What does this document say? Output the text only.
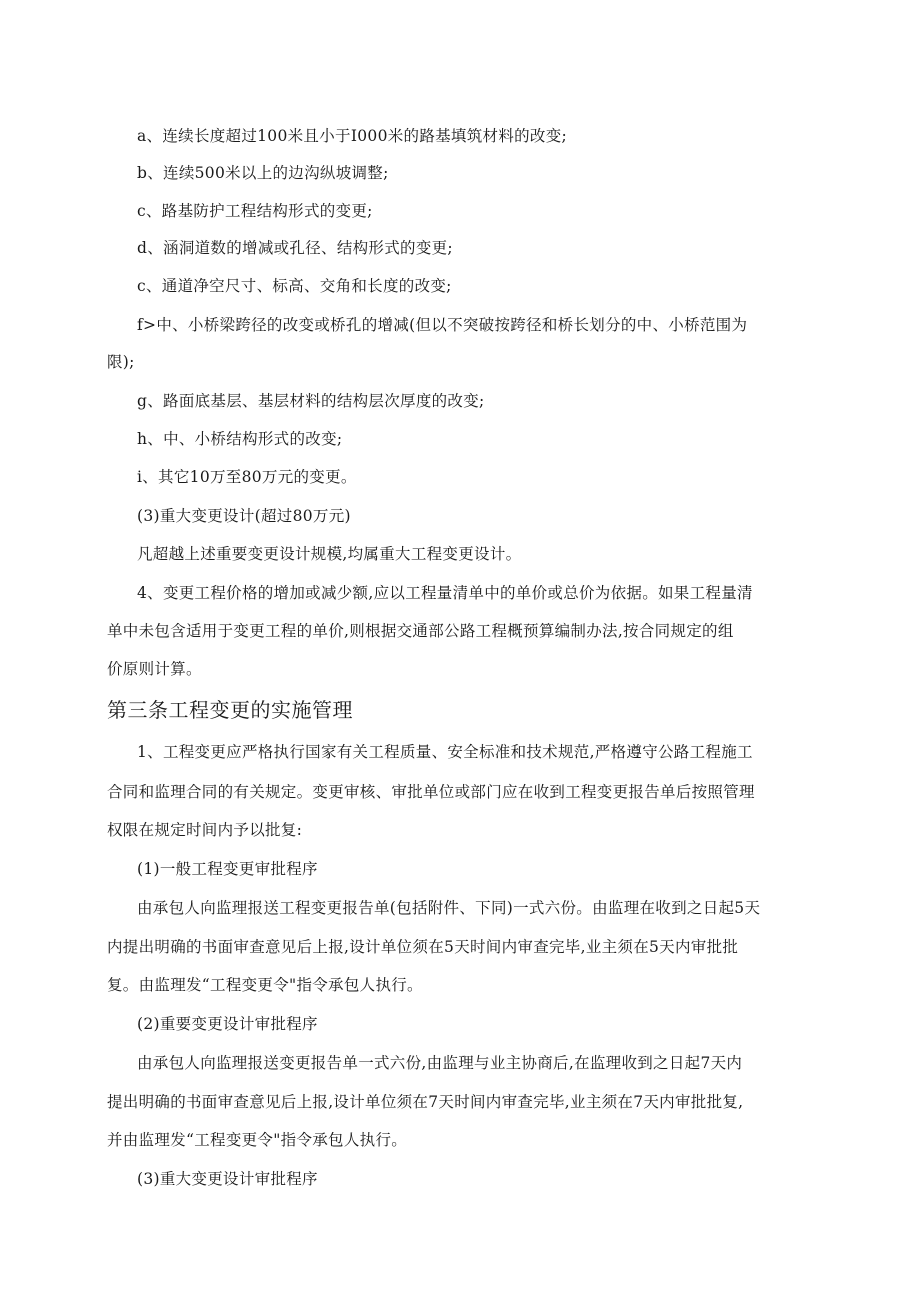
a、连续长度超过100米且小于I000米的路基填筑材料的改变;
b、连续500米以上的边沟纵坡调整;
c、路基防护工程结构形式的变更;
d、涵洞道数的增减或孔径、结构形式的变更;
c、通道净空尺寸、标高、交角和长度的改变;
f>中、小桥梁跨径的改变或桥孔的增减(但以不突破按跨径和桥长划分的中、小桥范围为
限);
g、路面底基层、基层材料的结构层次厚度的改变;
h、中、小桥结构形式的改变;
i、其它10万至80万元的变更。
(3)重大变更设计(超过80万元)
凡超越上述重要变更设计规模,均属重大工程变更设计。
4、变更工程价格的增加或减少额,应以工程量清单中的单价或总价为依据。如果工程量清
单中未包含适用于变更工程的单价,则根据交通部公路工程概预算编制办法,按合同规定的组
价原则计算。
第三条工程变更的实施管理
1、工程变更应严格执行国家有关工程质量、安全标准和技术规范,严格遵守公路工程施工
合同和监理合同的有关规定。变更审核、审批单位或部门应在收到工程变更报告单后按照管理
权限在规定时间内予以批复:
(1)一般工程变更审批程序
由承包人向监理报送工程变更报告单(包括附件、下同)一式六份。由监理在收到之日起5天
内提出明确的书面审查意见后上报,设计单位须在5天时间内审查完毕,业主须在5天内审批批
复。由监理发“工程变更令"指令承包人执行。
(2)重要变更设计审批程序
由承包人向监理报送变更报告单一式六份,由监理与业主协商后,在监理收到之日起7天内
提出明确的书面审查意见后上报,设计单位须在7天时间内审查完毕,业主须在7天内审批批复,
并由监理发“工程变更令"指令承包人执行。
(3)重大变更设计审批程序
